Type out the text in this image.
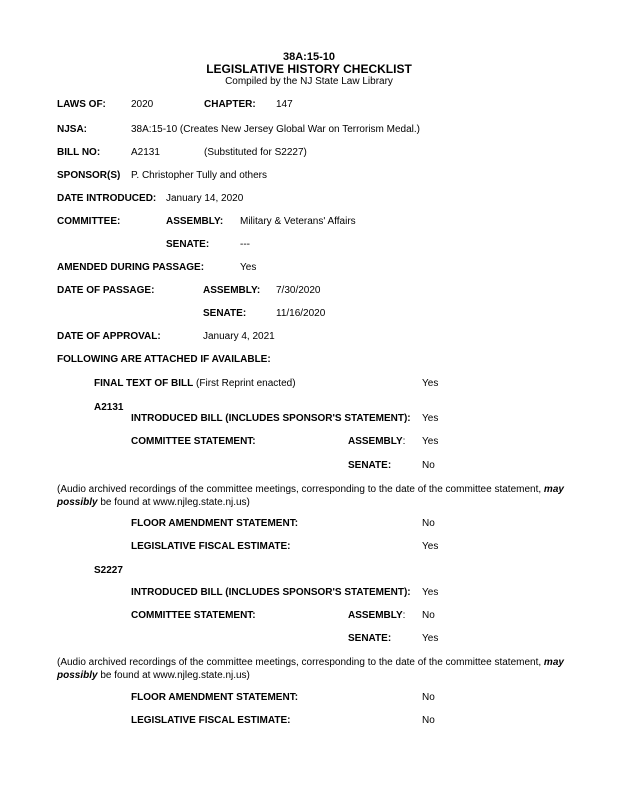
38A:15-10
LEGISLATIVE HISTORY CHECKLIST
Compiled by the NJ State Law Library
LAWS OF:	2020	CHAPTER: 147
NJSA:	38A:15-10 (Creates New Jersey Global War on Terrorism Medal.)
BILL NO:	A2131	(Substituted for S2227)
SPONSOR(S) P. Christopher Tully and others
DATE INTRODUCED: January 14, 2020
COMMITTEE:	ASSEMBLY: Military & Veterans' Affairs
SENATE:	---
AMENDED DURING PASSAGE:	Yes
DATE OF PASSAGE:	ASSEMBLY: 7/30/2020
SENATE:	11/16/2020
DATE OF APPROVAL:	January 4, 2021
FOLLOWING ARE ATTACHED IF AVAILABLE:
FINAL TEXT OF BILL (First Reprint enacted)	Yes
A2131
INTRODUCED BILL (INCLUDES SPONSOR'S STATEMENT): Yes
COMMITTEE STATEMENT:	ASSEMBLY: Yes
SENATE:	No
(Audio archived recordings of the committee meetings, corresponding to the date of the committee statement, may possibly be found at www.njleg.state.nj.us)
FLOOR AMENDMENT STATEMENT:	No
LEGISLATIVE FISCAL ESTIMATE:	Yes
S2227
INTRODUCED BILL (INCLUDES SPONSOR'S STATEMENT): Yes
COMMITTEE STATEMENT:	ASSEMBLY: No
SENATE:	Yes
(Audio archived recordings of the committee meetings, corresponding to the date of the committee statement, may possibly be found at www.njleg.state.nj.us)
FLOOR AMENDMENT STATEMENT:	No
LEGISLATIVE FISCAL ESTIMATE:	No
